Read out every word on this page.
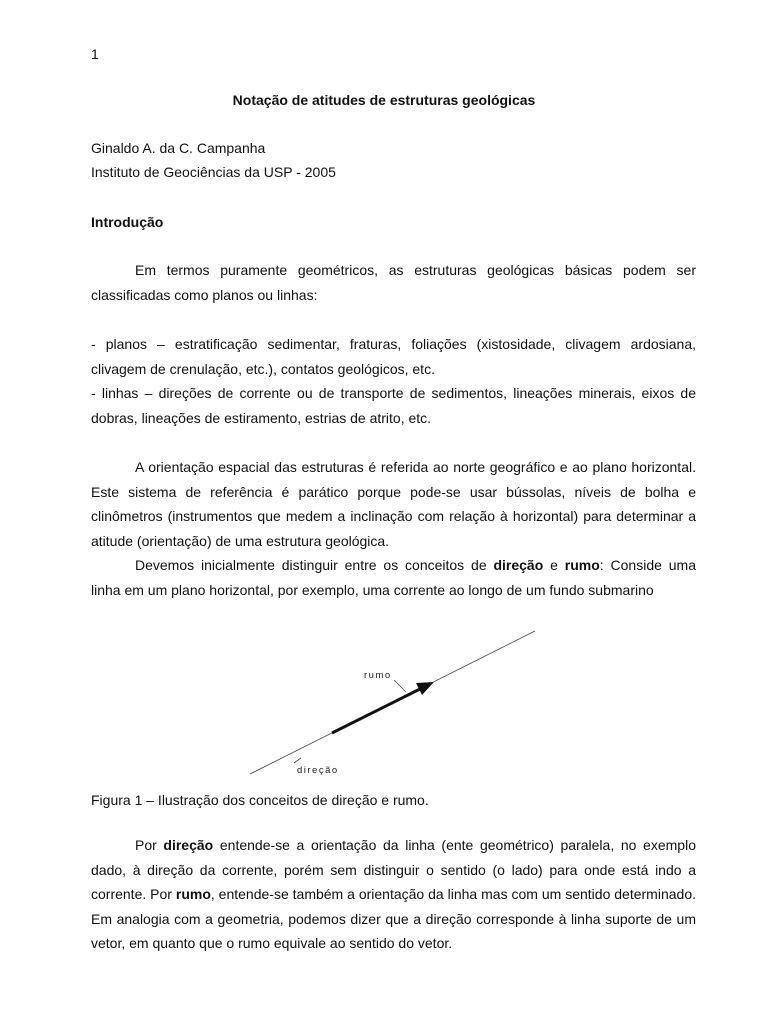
1
Notação de atitudes de estruturas geológicas
Ginaldo A. da C. Campanha
Instituto de Geociências da USP - 2005
Introdução

Em termos puramente geométricos, as estruturas geológicas básicas podem ser classificadas como planos ou linhas:

- planos – estratificação sedimentar, fraturas, foliações (xistosidade, clivagem ardosiana, clivagem de crenulação, etc.), contatos geológicos, etc.

- linhas – direções de corrente ou de transporte de sedimentos, lineações minerais, eixos de dobras, lineações de estiramento, estrias de atrito, etc.

A orientação espacial das estruturas é referida ao norte geográfico e ao plano horizontal. Este sistema de referência é parático porque pode-se usar bússolas, níveis de bolha e clinômetros (instrumentos que medem a inclinação com relação à horizontal) para determinar a atitude (orientação) de uma estrutura geológica.

Devemos inicialmente distinguir entre os conceitos de direção e rumo: Conside uma linha em um plano horizontal, por exemplo, uma corrente ao longo de um fundo submarino

rumo
direção
Figura 1 – Ilustração dos conceitos de direção e rumo.

Por direção entende-se a orientação da linha (ente geométrico) paralela, no exemplo dado, à direção da corrente, porém sem distinguir o sentido (o lado) para onde está indo a corrente. Por rumo, entende-se também a orientação da linha mas com um sentido determinado. Em analogia com a geometria, podemos dizer que a direção corresponde à linha suporte de um vetor, em quanto que o rumo equivale ao sentido do vetor.
